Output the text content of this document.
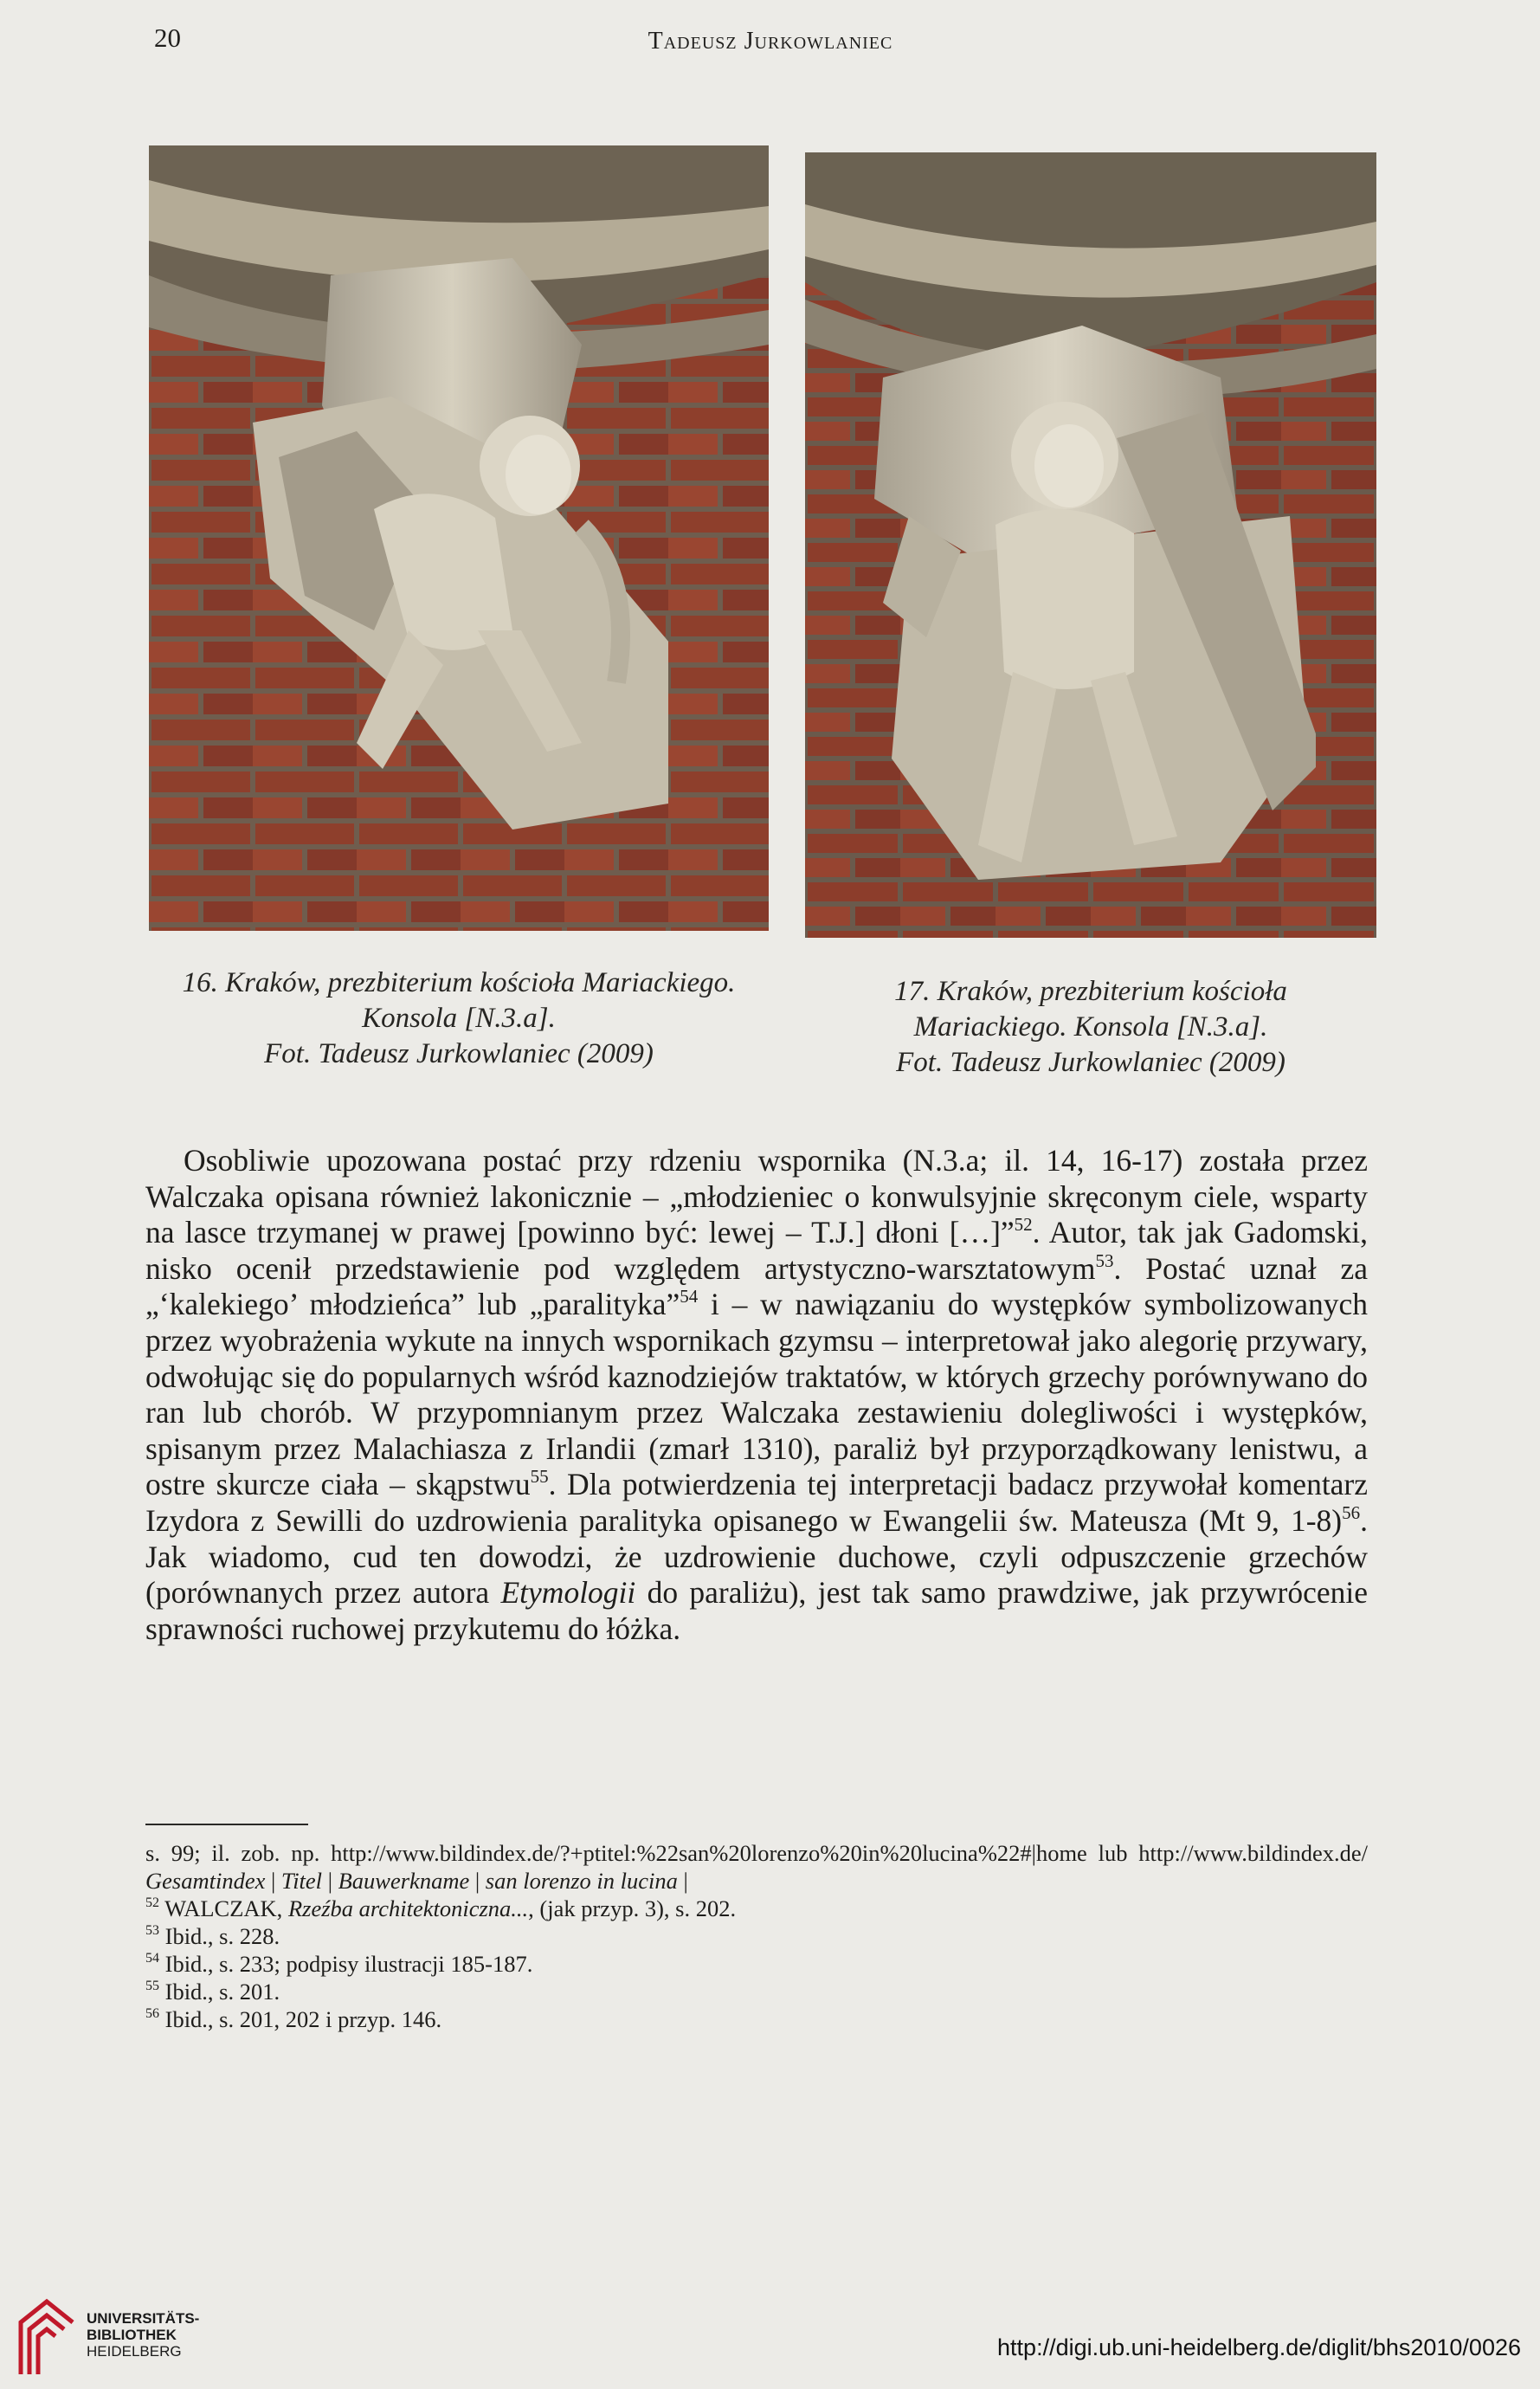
20	Tadeusz Jurkowlaniec
16. Kraków, prezbiterium kościoła Mariackiego.
Konsola [N.3.a].
Fot. Tadeusz Jurkowlaniec (2009)
17. Kraków, prezbiterium kościoła
Mariackiego. Konsola [N.3.a].
Fot. Tadeusz Jurkowlaniec (2009)

Osobliwie upozowana postać przy rdzeniu wspornika (N.3.a; il. 14, 16-17) została przez Walczaka opisana również lakonicznie – „młodzieniec o konwulsyjnie skręconym ciele, wsparty na lasce trzymanej w prawej [powinno być: lewej – T.J.] dłoni […]”$^{52}$. Autor, tak jak Gadomski, nisko ocenił przedstawienie pod względem artystyczno-warsztatowym$^{53}$. Postać uznał za „‘kalekiego’ młodzieńca” lub „paralityka”$^{54}$ i – w nawiązaniu do występków symbolizowanych przez wyobrażenia wykute na innych wspornikach gzymsu – interpretował jako alegorię przywary, odwołując się do popularnych wśród kaznodziejów traktatów, w których grzechy porównywano do ran lub chorób. W przypomnianym przez Walczaka zestawieniu dolegliwości i występków, spisanym przez Malachiasza z Irlandii (zmarł 1310), paraliż był przyporządkowany lenistwu, a ostre skurcze ciała – skąpstwu$^{55}$. Dla potwierdzenia tej interpretacji badacz przywołał komentarz Izydora z Sewilli do uzdrowienia paralityka opisanego w Ewangelii św. Mateusza (Mt 9, 1-8)$^{56}$. Jak wiadomo, cud ten dowodzi, że uzdrowienie duchowe, czyli odpuszczenie grzechów (porównanych przez autora Etymologii do paraliżu), jest tak samo prawdziwe, jak przywrócenie sprawności ruchowej przykutemu do łóżka.

s. 99; il. zob. np. http://www.bildindex.de/?+ptitel:%22san%20lorenzo%20in%20lucina%22#|home lub http://www.bildindex.de/ Gesamtindex | Titel | Bauwerkname | san lorenzo in lucina |

$^{52}$ WALCZAK, Rzeźba architektoniczna..., (jak przyp. 3), s. 202.

$^{53}$ Ibid., s. 228.

$^{54}$ Ibid., s. 233; podpisy ilustracji 185-187.

$^{55}$ Ibid., s. 201.

$^{56}$ Ibid., s. 201, 202 i przyp. 146.

UNIVERSITÄTS-
BIBLIOTHEK
HEIDELBERG	http://digi.ub.uni-heidelberg.de/diglit/bhs2010/0026
